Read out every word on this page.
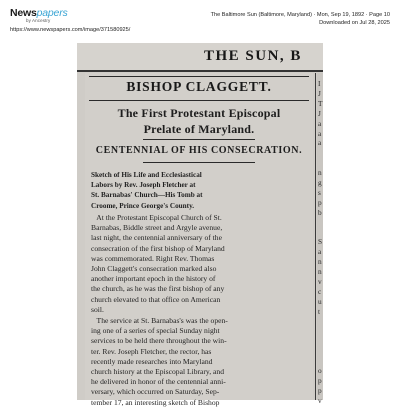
Newspapers
by Ancestry
https://www.newspapers.com/image/371580925/
The Baltimore Sun (Baltimore, Maryland) · Mon, Sep 19, 1892 · Page 10
Downloaded on Jul 28, 2025
THE SUN, B
BISHOP CLAGGETT.
The First Protestant Episcopal
Prelate of Maryland.
CENTENNIAL OF HIS CONSECRATION.
Sketch of His Life and Ecclesiastical
Labors by Rev. Joseph Fletcher at
St. Barnabas' Church—His Tomb at
Croome, Prince George's County.
At the Protestant Episcopal Church of St.
Barnabas, Biddle street and Argyle avenue,
last night, the centennial anniversary of the
consecration of the first bishop of Maryland
was commemorated. Right Rev. Thomas
John Claggett's consecration marked also
another important epoch in the history of
the church, as he was the first bishop of any
church elevated to that office on American
soil.
The service at St. Barnabas's was the open-
ing one of a series of special Sunday night
services to be held there throughout the win-
ter. Rev. Joseph Fletcher, the rector, has
recently made researches into Maryland
church history at the Episcopal Library, and
he delivered in honor of the centennial anni-
versary, which occurred on Saturday, Sep-
tember 17, an interesting sketch of Bishop
I
J
T
J
a
a
a
n
g
s
p
b
S
a
n
n
v
c
u
t
o
p
p
v
